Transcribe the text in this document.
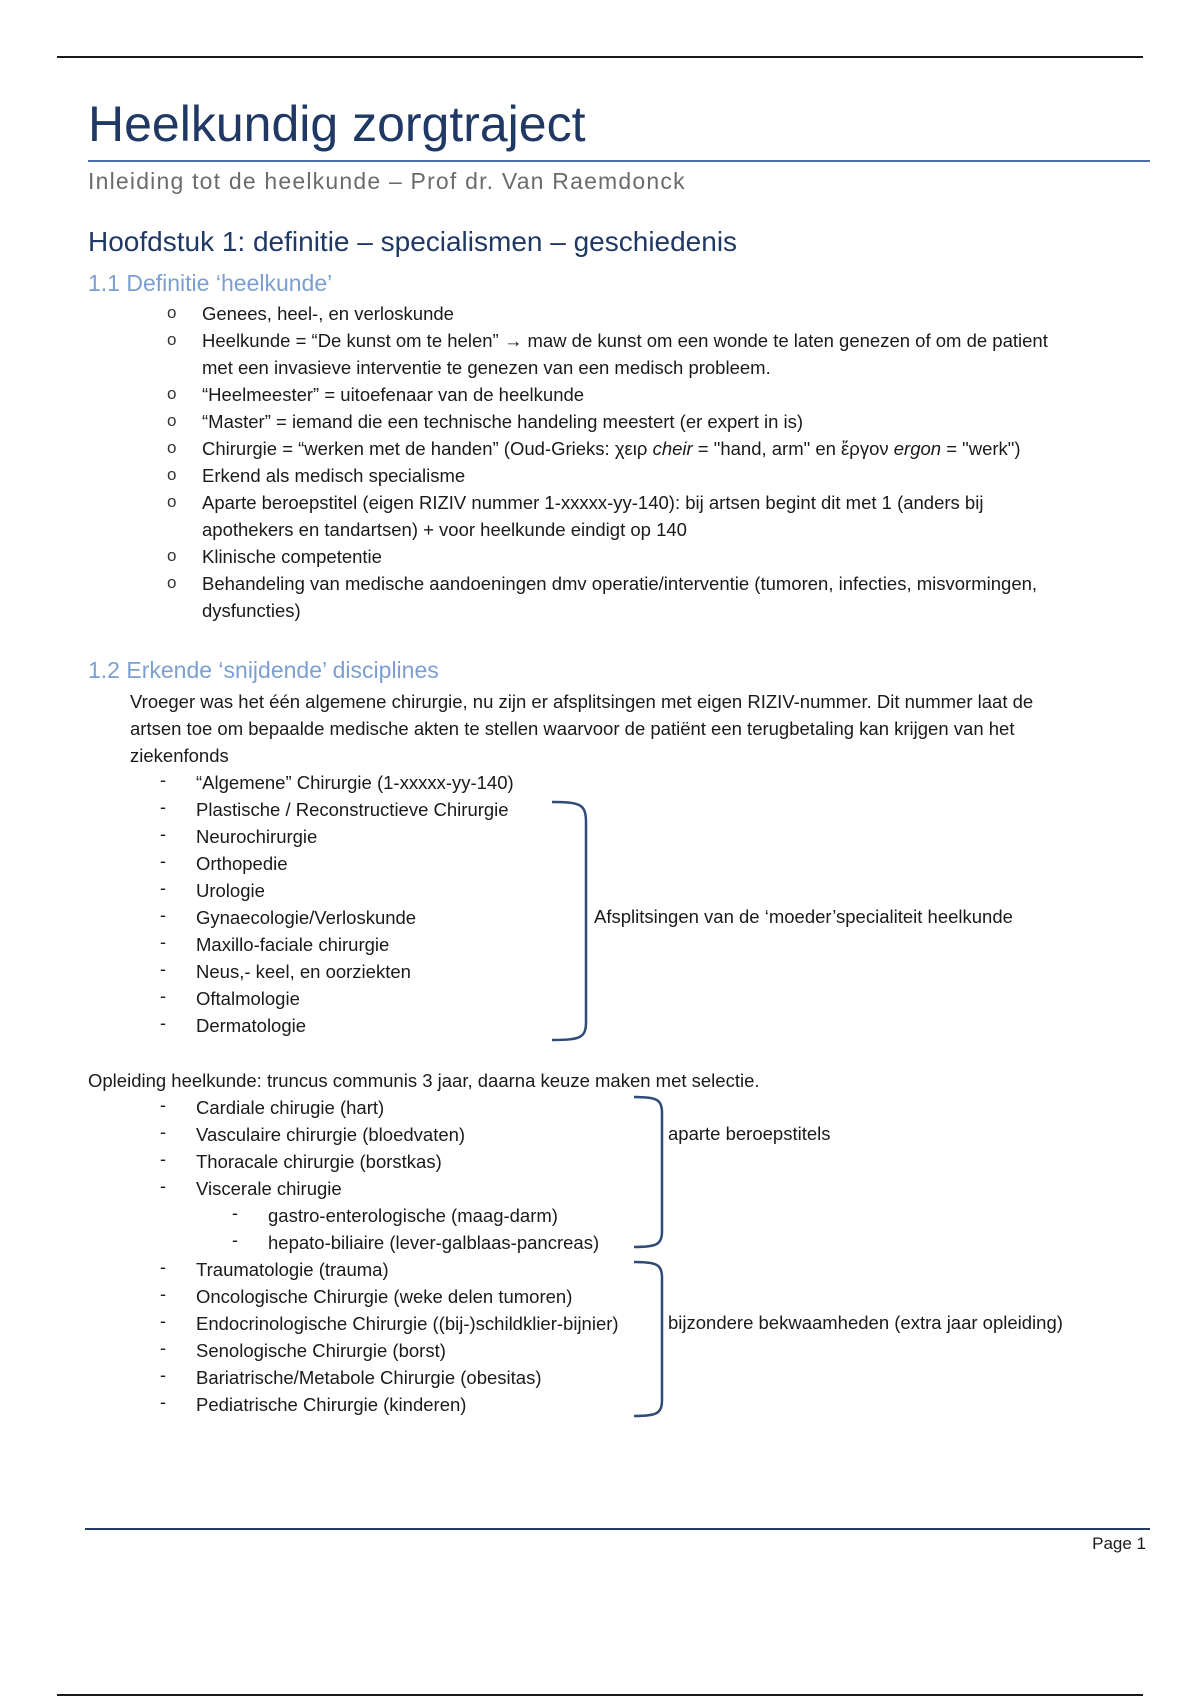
Heelkundig zorgtraject
Inleiding tot de heelkunde – Prof dr. Van Raemdonck
Hoofdstuk 1: definitie – specialismen – geschiedenis
1.1 Definitie ‘heelkunde’
o Genees, heel-, en verloskunde
o Heelkunde = “De kunst om te helen” → maw de kunst om een wonde te laten genezen of om de patient
met een invasieve interventie te genezen van een medisch probleem.
o “Heelmeester” = uitoefenaar van de heelkunde
o “Master” = iemand die een technische handeling meestert (er expert in is)
o Chirurgie = “werken met de handen” (Oud-Grieks: χειρ cheir = "hand, arm" en ἔργον ergon = "werk")
o Erkend als medisch specialisme
o Aparte beroepstitel (eigen RIZIV nummer 1-xxxxx-yy-140): bij artsen begint dit met 1 (anders bij
apothekers en tandartsen) + voor heelkunde eindigt op 140
o Klinische competentie
o Behandeling van medische aandoeningen dmv operatie/interventie (tumoren, infecties, misvormingen,
dysfuncties)
1.2 Erkende ‘snijdende’ disciplines
Vroeger was het één algemene chirurgie, nu zijn er afsplitsingen met eigen RIZIV-nummer. Dit nummer laat de
artsen toe om bepaalde medische akten te stellen waarvoor de patiënt een terugbetaling kan krijgen van het
ziekenfonds
- “Algemene” Chirurgie (1-xxxxx-yy-140)
- Plastische / Reconstructieve Chirurgie
- Neurochirurgie
- Orthopedie
- Urologie
- Gynaecologie/Verloskunde
- Maxillo-faciale chirurgie
- Neus,- keel, en oorziekten
- Oftalmologie
- Dermatologie
Afsplitsingen van de ‘moeder’specialiteit heelkunde
Opleiding heelkunde: truncus communis 3 jaar, daarna keuze maken met selectie.
- Cardiale chirugie (hart)
- Vasculaire chirurgie (bloedvaten)
- Thoracale chirurgie (borstkas)
- Viscerale chirugie
- gastro-enterologische (maag-darm)
- hepato-biliaire (lever-galblaas-pancreas)
- Traumatologie (trauma)
- Oncologische Chirurgie (weke delen tumoren)
- Endocrinologische Chirurgie ((bij-)schildklier-bijnier)
- Senologische Chirurgie (borst)
- Bariatrische/Metabole Chirurgie (obesitas)
- Pediatrische Chirurgie (kinderen)
aparte beroepstitels
bijzondere bekwaamheden (extra jaar opleiding)
Page 1
